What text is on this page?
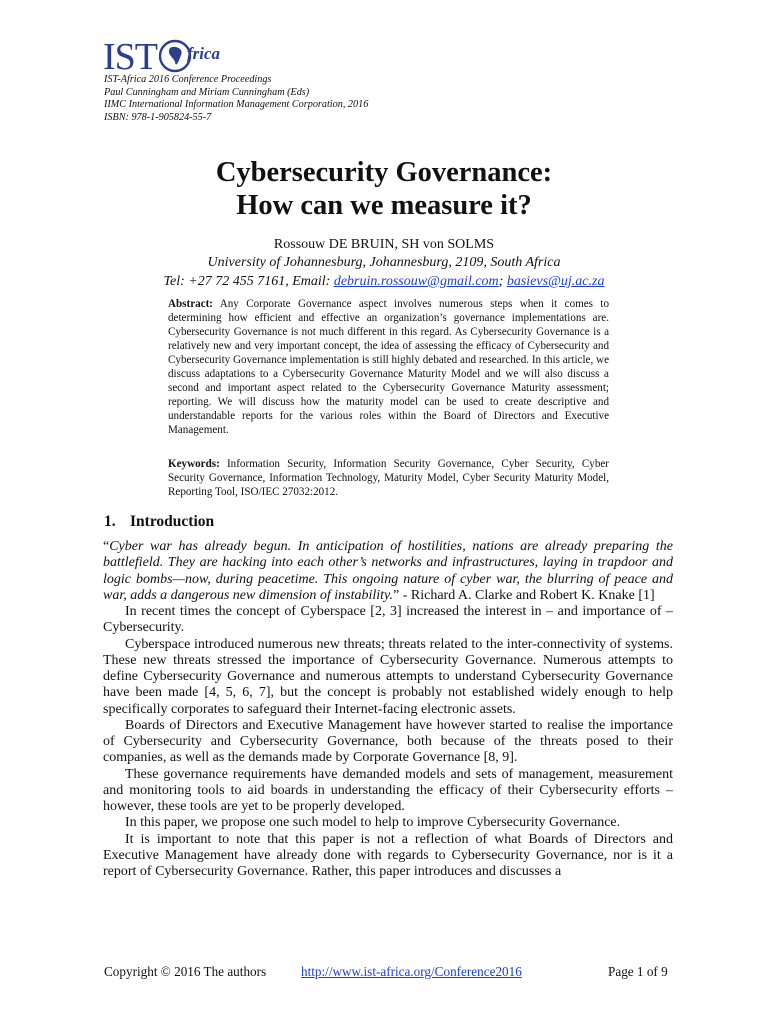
IST frica
IST-Africa 2016 Conference Proceedings
Paul Cunningham and Miriam Cunningham (Eds)
IIMC International Information Management Corporation, 2016
ISBN: 978-1-905824-55-7
Cybersecurity Governance:
How can we measure it?
Rossouw DE BRUIN, SH von SOLMS
University of Johannesburg, Johannesburg, 2109, South Africa
Tel: +27 72 455 7161, Email: debruin.rossouw@gmail.com; basievs@uj.ac.za
Abstract: Any Corporate Governance aspect involves numerous steps when it comes to determining how efficient and effective an organization’s governance implementations are. Cybersecurity Governance is not much different in this regard. As Cybersecurity Governance is a relatively new and very important concept, the idea of assessing the efficacy of Cybersecurity and Cybersecurity Governance implementation is still highly debated and researched. In this article, we discuss adaptations to a Cybersecurity Governance Maturity Model and we will also discuss a second and important aspect related to the Cybersecurity Governance Maturity assessment; reporting. We will discuss how the maturity model can be used to create descriptive and understandable reports for the various roles within the Board of Directors and Executive Management.
Keywords: Information Security, Information Security Governance, Cyber Security, Cyber Security Governance, Information Technology, Maturity Model, Cyber Security Maturity Model, Reporting Tool, ISO/IEC 27032:2012.
1. Introduction

“Cyber war has already begun. In anticipation of hostilities, nations are already preparing the battlefield. They are hacking into each other’s networks and infrastructures, laying in trapdoor and logic bombs—now, during peacetime. This ongoing nature of cyber war, the blurring of peace and war, adds a dangerous new dimension of instability.” - Richard A. Clarke and Robert K. Knake [1]

In recent times the concept of Cyberspace [2, 3] increased the interest in – and importance of – Cybersecurity.

Cyberspace introduced numerous new threats; threats related to the inter-connectivity of systems. These new threats stressed the importance of Cybersecurity Governance. Numerous attempts to define Cybersecurity Governance and numerous attempts to understand Cybersecurity Governance have been made [4, 5, 6, 7], but the concept is probably not established widely enough to help specifically corporates to safeguard their Internet-facing electronic assets.

Boards of Directors and Executive Management have however started to realise the importance of Cybersecurity and Cybersecurity Governance, both because of the threats posed to their companies, as well as the demands made by Corporate Governance [8, 9].

These governance requirements have demanded models and sets of management, measurement and monitoring tools to aid boards in understanding the efficacy of their Cybersecurity efforts – however, these tools are yet to be properly developed.

In this paper, we propose one such model to help to improve Cybersecurity Governance.

It is important to note that this paper is not a reflection of what Boards of Directors and Executive Management have already done with regards to Cybersecurity Governance, nor is it a report of Cybersecurity Governance. Rather, this paper introduces and discusses a

Copyright © 2016 The authors	http://www.ist-africa.org/Conference2016	Page 1 of 9
